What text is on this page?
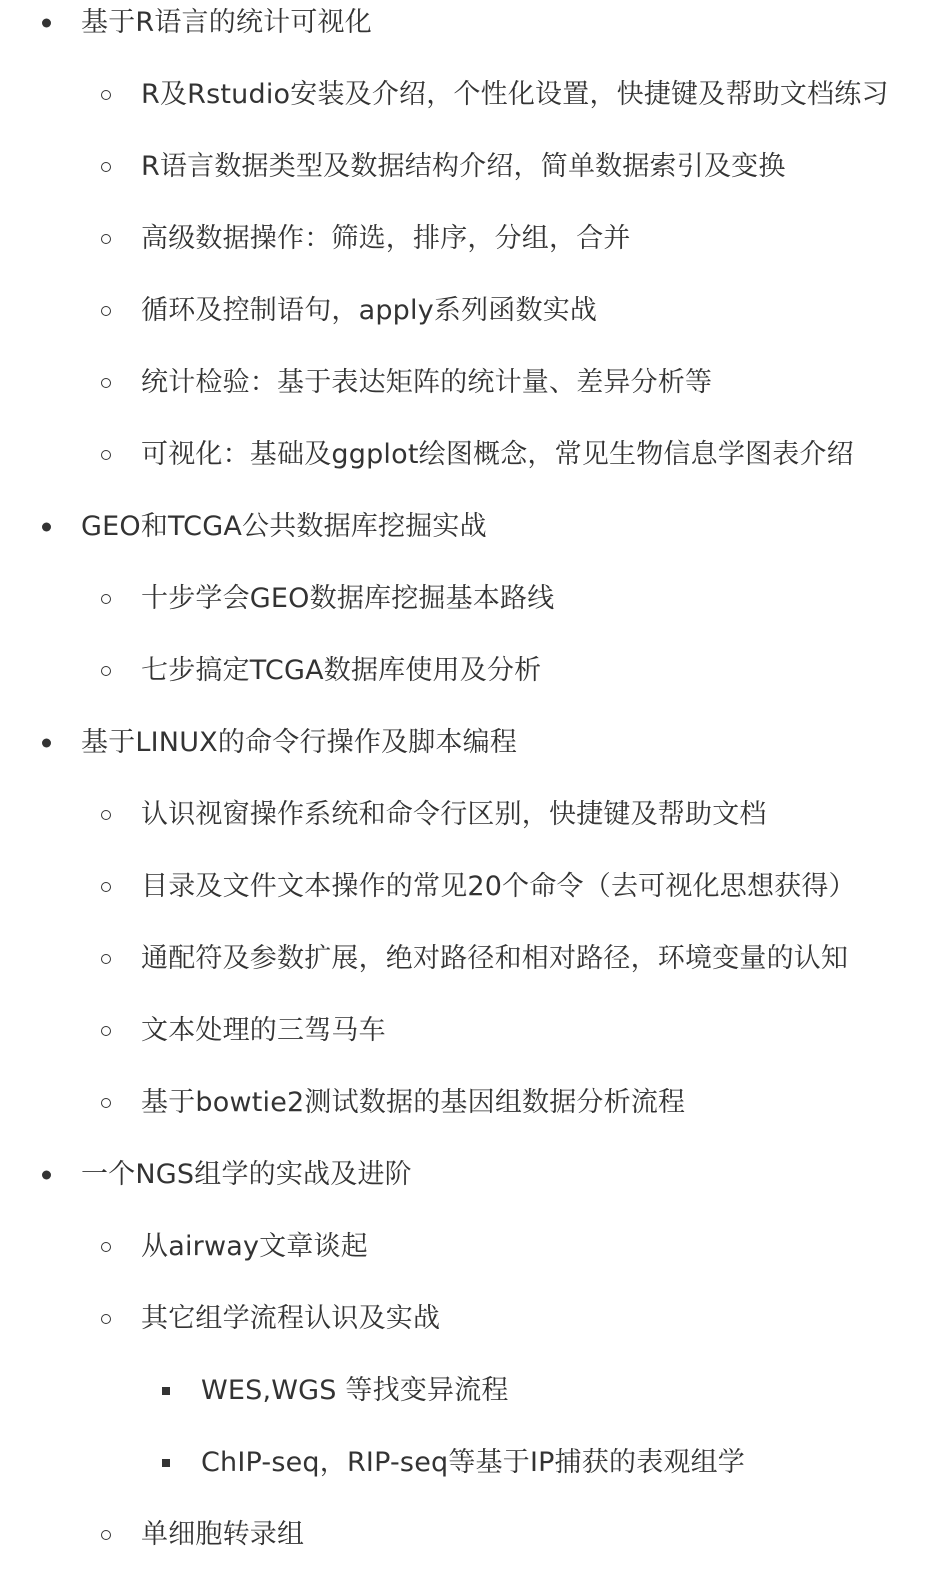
基于R语言的统计可视化
R及Rstudio安装及介绍，个性化设置，快捷键及帮助文档练习
R语言数据类型及数据结构介绍，简单数据索引及变换
高级数据操作：筛选，排序，分组，合并
循环及控制语句，apply系列函数实战
统计检验：基于表达矩阵的统计量、差异分析等
可视化：基础及ggplot绘图概念，常见生物信息学图表介绍
GEO和TCGA公共数据库挖掘实战
十步学会GEO数据库挖掘基本路线
七步搞定TCGA数据库使用及分析
基于LINUX的命令行操作及脚本编程
认识视窗操作系统和命令行区别，快捷键及帮助文档
目录及文件文本操作的常见20个命令（去可视化思想获得）
通配符及参数扩展，绝对路径和相对路径，环境变量的认知
文本处理的三驾马车
基于bowtie2测试数据的基因组数据分析流程
一个NGS组学的实战及进阶
从airway文章谈起
其它组学流程认识及实战
WES,WGS 等找变异流程
ChIP-seq，RIP-seq等基于IP捕获的表观组学
单细胞转录组
